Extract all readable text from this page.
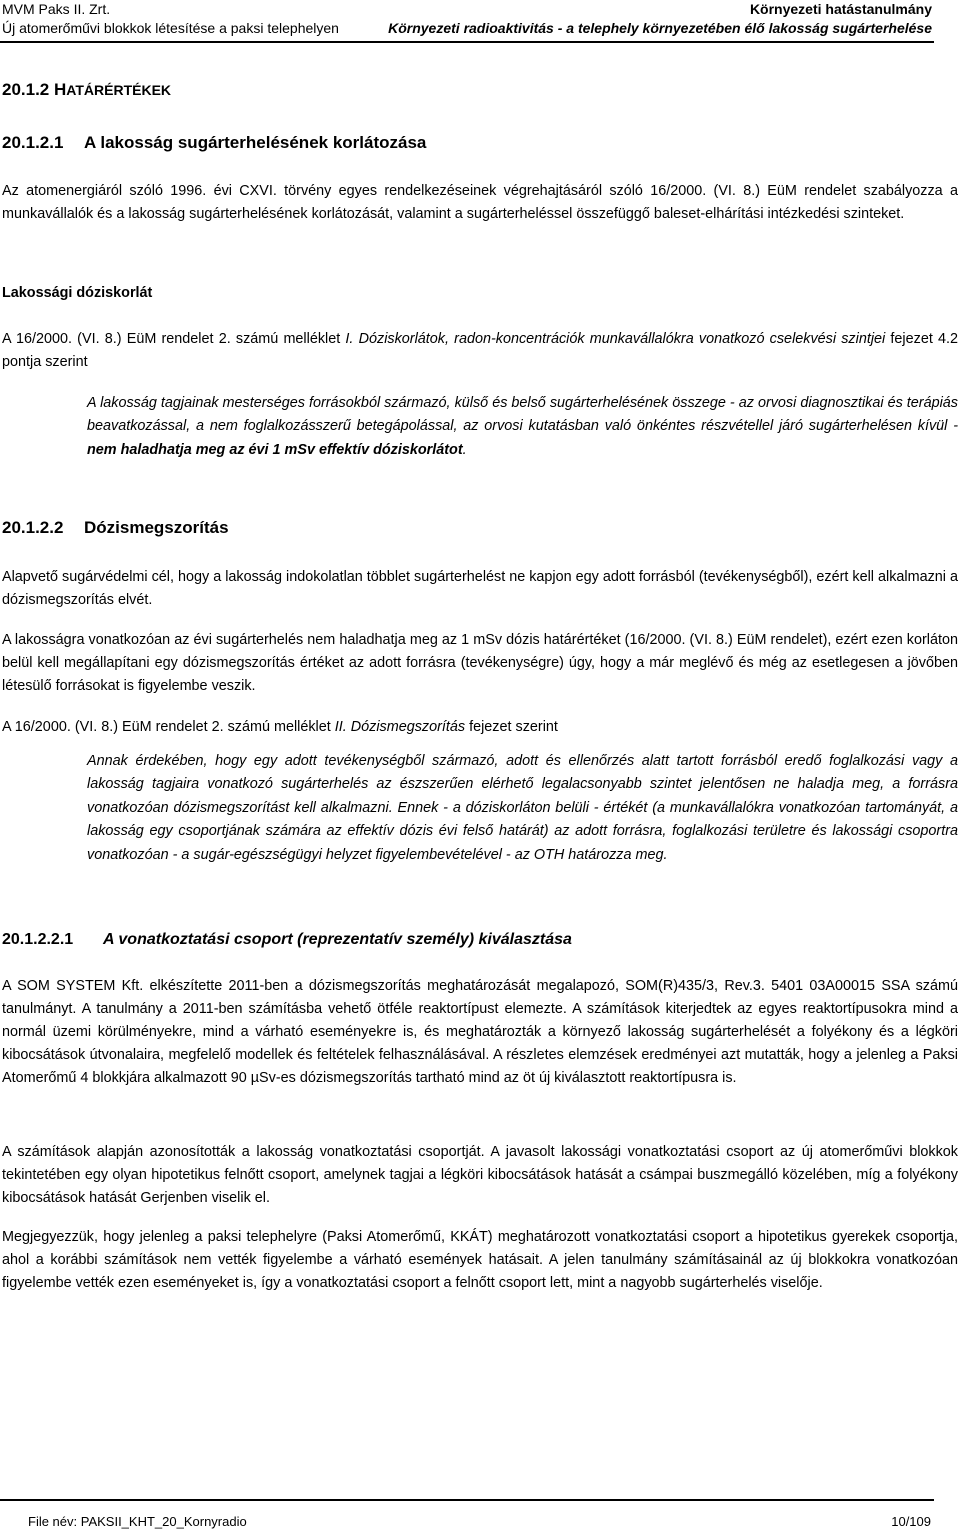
MVM Paks II. Zrt.
Új atomerőművi blokkok létesítése a paksi telephelyen
Környezeti hatástanulmány
Környezeti radioaktivitás - a telephely környezetében élő lakosság sugárterhelése
20.1.2 HATÁRÉRTÉKEK
20.1.2.1 A lakosság sugárterhelésének korlátozása
Az atomenergiáról szóló 1996. évi CXVI. törvény egyes rendelkezéseinek végrehajtásáról szóló 16/2000. (VI. 8.) EüM rendelet szabályozza a munkavállalók és a lakosság sugárterhelésének korlátozását, valamint a sugárterheléssel összefüggő baleset-elhárítási intézkedési szinteket.
Lakossági dóziskorlát
A 16/2000. (VI. 8.) EüM rendelet 2. számú melléklet I. Dóziskorlátok, radon-koncentrációk munkavállalókra vonatkozó cselekvési szintjei fejezet 4.2 pontja szerint
A lakosság tagjainak mesterséges forrásokból származó, külső és belső sugárterhelésének összege - az orvosi diagnosztikai és terápiás beavatkozással, a nem foglalkozásszerű betegápolással, az orvosi kutatásban való önkéntes részvétellel járó sugárterhelésen kívül - nem haladhatja meg az évi 1 mSv effektív dóziskorlátot.
20.1.2.2 Dózismegszorítás
Alapvető sugárvédelmi cél, hogy a lakosság indokolatlan többlet sugárterhelést ne kapjon egy adott forrásból (tevékenységből), ezért kell alkalmazni a dózismegszorítás elvét.
A lakosságra vonatkozóan az évi sugárterhelés nem haladhatja meg az 1 mSv dózis határértéket (16/2000. (VI. 8.) EüM rendelet), ezért ezen korláton belül kell megállapítani egy dózismegszorítás értéket az adott forrásra (tevékenységre) úgy, hogy a már meglévő és még az esetlegesen a jövőben létesülő forrásokat is figyelembe veszik.
A 16/2000. (VI. 8.) EüM rendelet 2. számú melléklet II. Dózismegszorítás fejezet szerint
Annak érdekében, hogy egy adott tevékenységből származó, adott és ellenőrzés alatt tartott forrásból eredő foglalkozási vagy a lakosság tagjaira vonatkozó sugárterhelés az észszerűen elérhető legalacsonyabb szintet jelentősen ne haladja meg, a forrásra vonatkozóan dózismegszorítást kell alkalmazni. Ennek - a dóziskorláton belüli - értékét (a munkavállalókra vonatkozóan tartományát, a lakosság egy csoportjának számára az effektív dózis évi felső határát) az adott forrásra, foglalkozási területre és lakossági csoportra vonatkozóan - a sugár-egészségügyi helyzet figyelembevételével - az OTH határozza meg.
20.1.2.2.1 A vonatkoztatási csoport (reprezentatív személy) kiválasztása
A SOM SYSTEM Kft. elkészítette 2011-ben a dózismegszorítás meghatározását megalapozó, SOM(R)435/3, Rev.3. 5401 03A00015 SSA számú tanulmányt. A tanulmány a 2011-ben számításba vehető ötféle reaktortípust elemezte. A számítások kiterjedtek az egyes reaktortípusokra mind a normál üzemi körülményekre, mind a várható eseményekre is, és meghatározták a környező lakosság sugárterhelését a folyékony és a légköri kibocsátások útvonalaira, megfelelő modellek és feltételek felhasználásával. A részletes elemzések eredményei azt mutatták, hogy a jelenleg a Paksi Atomerőmű 4 blokkjára alkalmazott 90 µSv-es dózismegszorítás tartható mind az öt új kiválasztott reaktortípusra is.
A számítások alapján azonosították a lakosság vonatkoztatási csoportját. A javasolt lakossági vonatkoztatási csoport az új atomerőművi blokkok tekintetében egy olyan hipotetikus felnőtt csoport, amelynek tagjai a légköri kibocsátások hatását a csámpai buszmegálló közelében, míg a folyékony kibocsátások hatását Gerjenben viselik el.
Megjegyezzük, hogy jelenleg a paksi telephelyre (Paksi Atomerőmű, KKÁT) meghatározott vonatkoztatási csoport a hipotetikus gyerekek csoportja, ahol a korábbi számítások nem vették figyelembe a várható események hatásait. A jelen tanulmány számításainál az új blokkokra vonatkozóan figyelembe vették ezen eseményeket is, így a vonatkoztatási csoport a felnőtt csoport lett, mint a nagyobb sugárterhelés viselője.
File név: PAKSII_KHT_20_Kornyradio	10/109
